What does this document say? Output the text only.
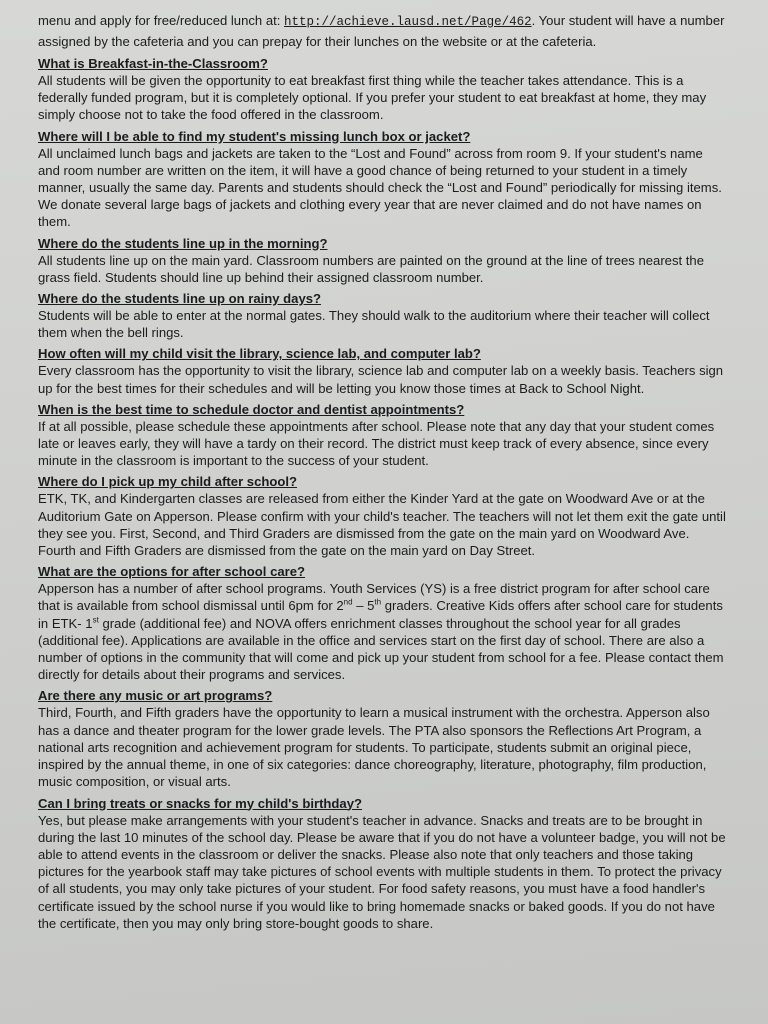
menu and apply for free/reduced lunch at: http://achieve.lausd.net/Page/462. Your student will have a number assigned by the cafeteria and you can prepay for their lunches on the website or at the cafeteria.

What is Breakfast-in-the-Classroom?

All students will be given the opportunity to eat breakfast first thing while the teacher takes attendance. This is a federally funded program, but it is completely optional. If you prefer your student to eat breakfast at home, they may simply choose not to take the food offered in the classroom.

Where will I be able to find my student's missing lunch box or jacket?

All unclaimed lunch bags and jackets are taken to the “Lost and Found” across from room 9. If your student's name and room number are written on the item, it will have a good chance of being returned to your student in a timely manner, usually the same day. Parents and students should check the “Lost and Found” periodically for missing items. We donate several large bags of jackets and clothing every year that are never claimed and do not have names on them.

Where do the students line up in the morning?

All students line up on the main yard. Classroom numbers are painted on the ground at the line of trees nearest the grass field. Students should line up behind their assigned classroom number.

Where do the students line up on rainy days?

Students will be able to enter at the normal gates. They should walk to the auditorium where their teacher will collect them when the bell rings.

How often will my child visit the library, science lab, and computer lab?

Every classroom has the opportunity to visit the library, science lab and computer lab on a weekly basis. Teachers sign up for the best times for their schedules and will be letting you know those times at Back to School Night.

When is the best time to schedule doctor and dentist appointments?

If at all possible, please schedule these appointments after school. Please note that any day that your student comes late or leaves early, they will have a tardy on their record. The district must keep track of every absence, since every minute in the classroom is important to the success of your student.

Where do I pick up my child after school?

ETK, TK, and Kindergarten classes are released from either the Kinder Yard at the gate on Woodward Ave or at the Auditorium Gate on Apperson. Please confirm with your child's teacher. The teachers will not let them exit the gate until they see you. First, Second, and Third Graders are dismissed from the gate on the main yard on Woodward Ave. Fourth and Fifth Graders are dismissed from the gate on the main yard on Day Street.

What are the options for after school care?

Apperson has a number of after school programs. Youth Services (YS) is a free district program for after school care that is available from school dismissal until 6pm for 2nd – 5th graders. Creative Kids offers after school care for students in ETK- 1st grade (additional fee) and NOVA offers enrichment classes throughout the school year for all grades (additional fee). Applications are available in the office and services start on the first day of school. There are also a number of options in the community that will come and pick up your student from school for a fee. Please contact them directly for details about their programs and services.

Are there any music or art programs?

Third, Fourth, and Fifth graders have the opportunity to learn a musical instrument with the orchestra. Apperson also has a dance and theater program for the lower grade levels. The PTA also sponsors the Reflections Art Program, a national arts recognition and achievement program for students. To participate, students submit an original piece, inspired by the annual theme, in one of six categories: dance choreography, literature, photography, film production, music composition, or visual arts.

Can I bring treats or snacks for my child's birthday?

Yes, but please make arrangements with your student's teacher in advance. Snacks and treats are to be brought in during the last 10 minutes of the school day. Please be aware that if you do not have a volunteer badge, you will not be able to attend events in the classroom or deliver the snacks. Please also note that only teachers and those taking pictures for the yearbook staff may take pictures of school events with multiple students in them. To protect the privacy of all students, you may only take pictures of your student. For food safety reasons, you must have a food handler's certificate issued by the school nurse if you would like to bring homemade snacks or baked goods. If you do not have the certificate, then you may only bring store-bought goods to share.
